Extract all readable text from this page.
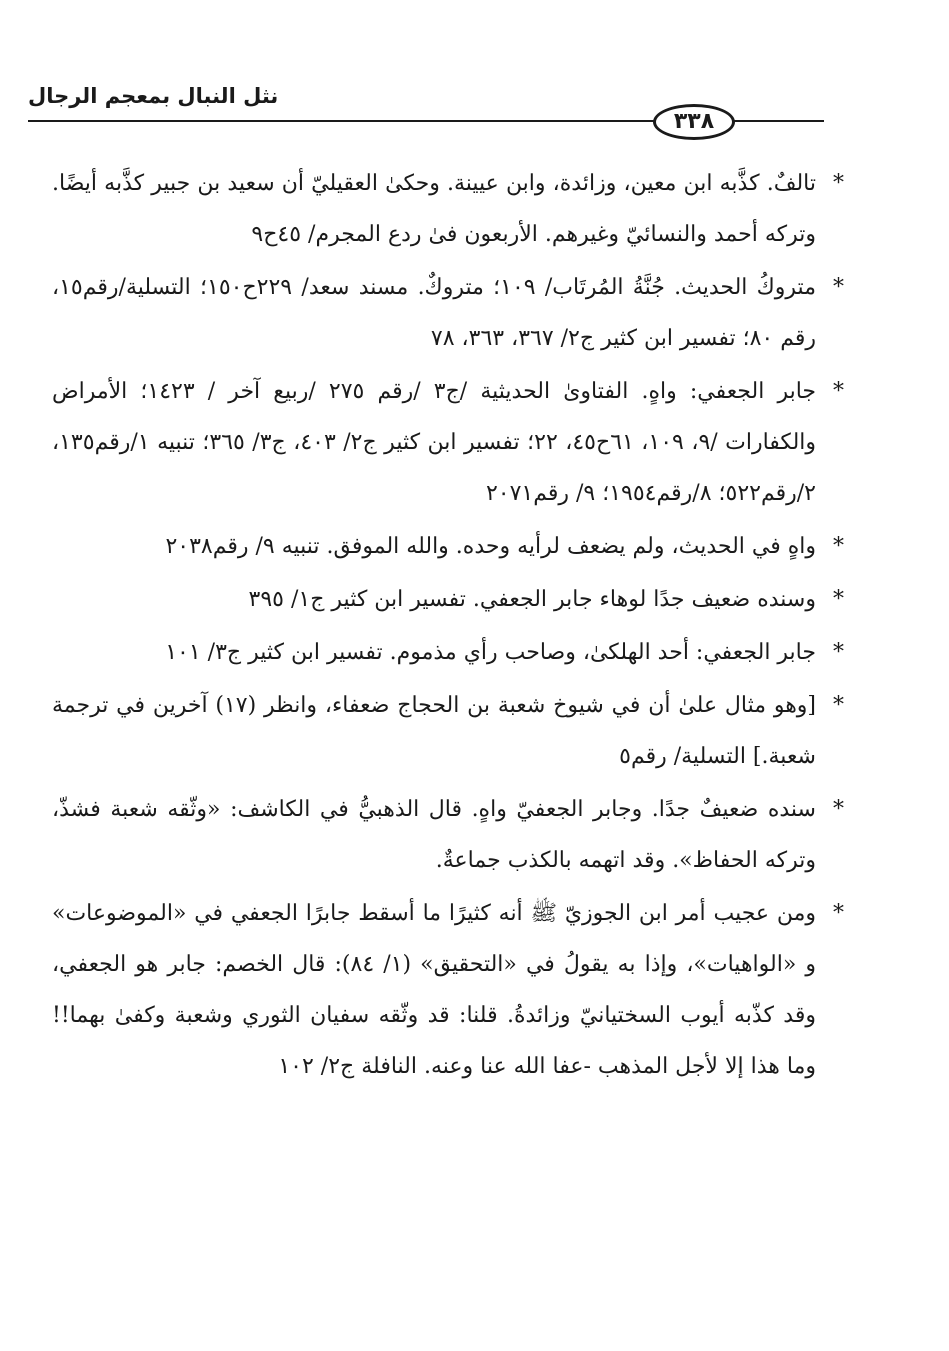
نثل النبال بمعجم الرجال
٣٣٨
*
تالفٌ. كذَّبه ابن معين، وزائدة، وابن عيينة. وحكىٰ العقيليّ أن سعيد بن جبير كذَّبه أيضًا. وتركه أحمد والنسائيّ وغيرهم. الأربعون فىٰ ردع المجرم/ ٤٥ح٩
*
متروكُ الحديث. جُنَّةُ المُرتَاب/ ١٠٩؛ متروكٌ. مسند سعد/ ٢٢٩ح١٥٠؛ التسلية/رقم١٥، رقم ٨٠؛ تفسير ابن كثير ج٢/ ٣٦٧، ٣٦٣، ٧٨
*
جابر الجعفي: واهٍ. الفتاوىٰ الحديثية /ج٣ /رقم ٢٧٥ /ربيع آخر / ١٤٢٣؛ الأمراض والكفارات /٩، ١٠٩، ٦١ح٤٥، ٢٢؛ تفسير ابن كثير ج٢/ ٤٠٣، ج٣/ ٣٦٥؛ تنبيه ١/رقم١٣٥، ٢/رقم٥٢٢؛ ٨/رقم١٩٥٤؛ ٩/ رقم٢٠٧١
*
واهٍ في الحديث، ولم يضعف لرأيه وحده. والله الموفق. تنبيه ٩/ رقم٢٠٣٨
*
وسنده ضعيف جدًا لوهاء جابر الجعفي. تفسير ابن كثير ج١/ ٣٩٥
*
جابر الجعفي: أحد الهلكىٰ، وصاحب رأي مذموم. تفسير ابن كثير ج٣/ ١٠١
*
[وهو مثال علىٰ أن في شيوخ شعبة بن الحجاج ضعفاء، وانظر (١٧) آخرين في ترجمة شعبة.] التسلية/ رقم٥
*
سنده ضعيفٌ جدًا. وجابر الجعفيّ واهٍ. قال الذهبيُّ في الكاشف: «وثّقه شعبة فشذّ، وتركه الحفاظ». وقد اتهمه بالكذب جماعةٌ.
*
ومن عجيب أمر ابن الجوزيّ ﷺ أنه كثيرًا ما أسقط جابرًا الجعفي في «الموضوعات» و «الواهيات»، وإذا به يقولُ في «التحقيق» (١/ ٨٤): قال الخصم: جابر هو الجعفي، وقد كذّبه أيوب السختيانيّ وزائدةُ. قلنا: قد وثّقه سفيان الثوري وشعبة وكفىٰ بهما!! وما هذا إلا لأجل المذهب -عفا الله عنا وعنه. النافلة ج٢/ ١٠٢
